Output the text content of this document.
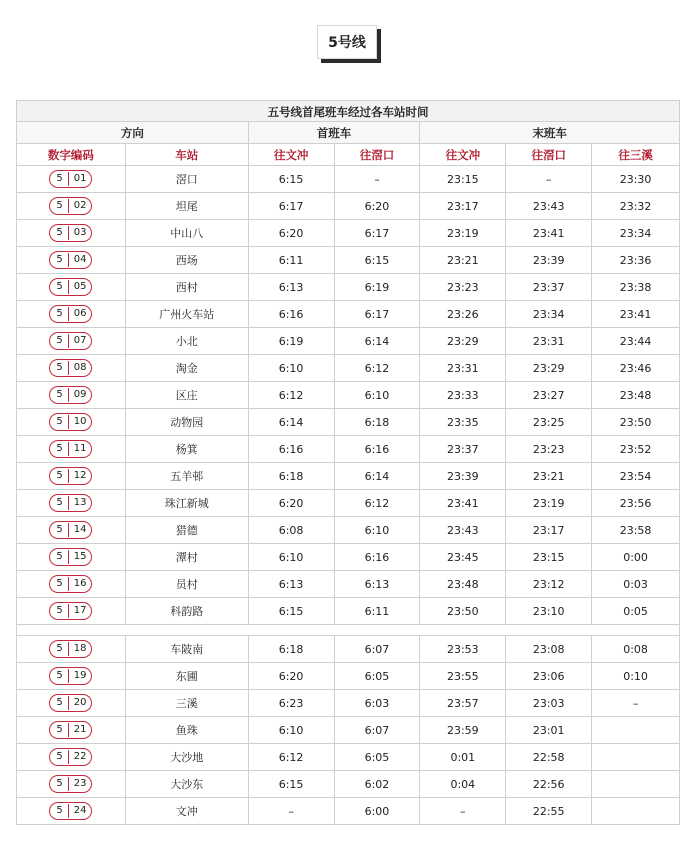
5号线
五号线首尾班车经过各车站时间
方向	首班车	末班车
数字编码	车站	往文冲	往滘口	往文冲	往滘口	往三溪
5	01	滘口	6:15	–	23:15	–	23:30
5	02	坦尾	6:17	6:20	23:17	23:43	23:32
5	03	中山八	6:20	6:17	23:19	23:41	23:34
5	04	西场	6:11	6:15	23:21	23:39	23:36
5	05	西村	6:13	6:19	23:23	23:37	23:38
5	06	广州火车站	6:16	6:17	23:26	23:34	23:41
5	07	小北	6:19	6:14	23:29	23:31	23:44
5	08	淘金	6:10	6:12	23:31	23:29	23:46
5	09	区庄	6:12	6:10	23:33	23:27	23:48
5	10	动物园	6:14	6:18	23:35	23:25	23:50
5	11	杨箕	6:16	6:16	23:37	23:23	23:52
5	12	五羊邨	6:18	6:14	23:39	23:21	23:54
5	13	珠江新城	6:20	6:12	23:41	23:19	23:56
5	14	猎德	6:08	6:10	23:43	23:17	23:58
5	15	潭村	6:10	6:16	23:45	23:15	0:00
5	16	员村	6:13	6:13	23:48	23:12	0:03
5	17	科韵路	6:15	6:11	23:50	23:10	0:05
5	18	车陂南	6:18	6:07	23:53	23:08	0:08
5	19	东圃	6:20	6:05	23:55	23:06	0:10
5	20	三溪	6:23	6:03	23:57	23:03	–
5	21	鱼珠	6:10	6:07	23:59	23:01
5	22	大沙地	6:12	6:05	0:01	22:58
5	23	大沙东	6:15	6:02	0:04	22:56
5	24	文冲	–	6:00	–	22:55
